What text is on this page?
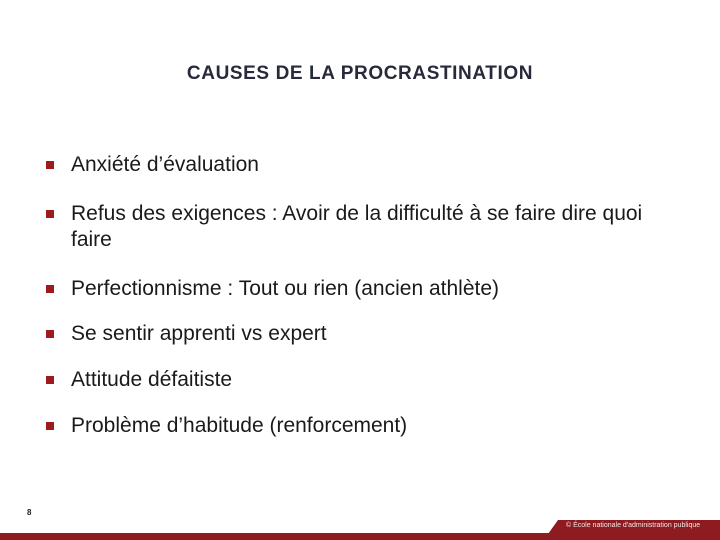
CAUSES DE LA PROCRASTINATION
Anxiété d’évaluation
Refus des exigences : Avoir de la difficulté à se faire dire quoi faire
Perfectionnisme : Tout ou rien (ancien athlète)
Se sentir apprenti vs expert
Attitude défaitiste
Problème d’habitude (renforcement)
8
© École nationale d'administration publique
